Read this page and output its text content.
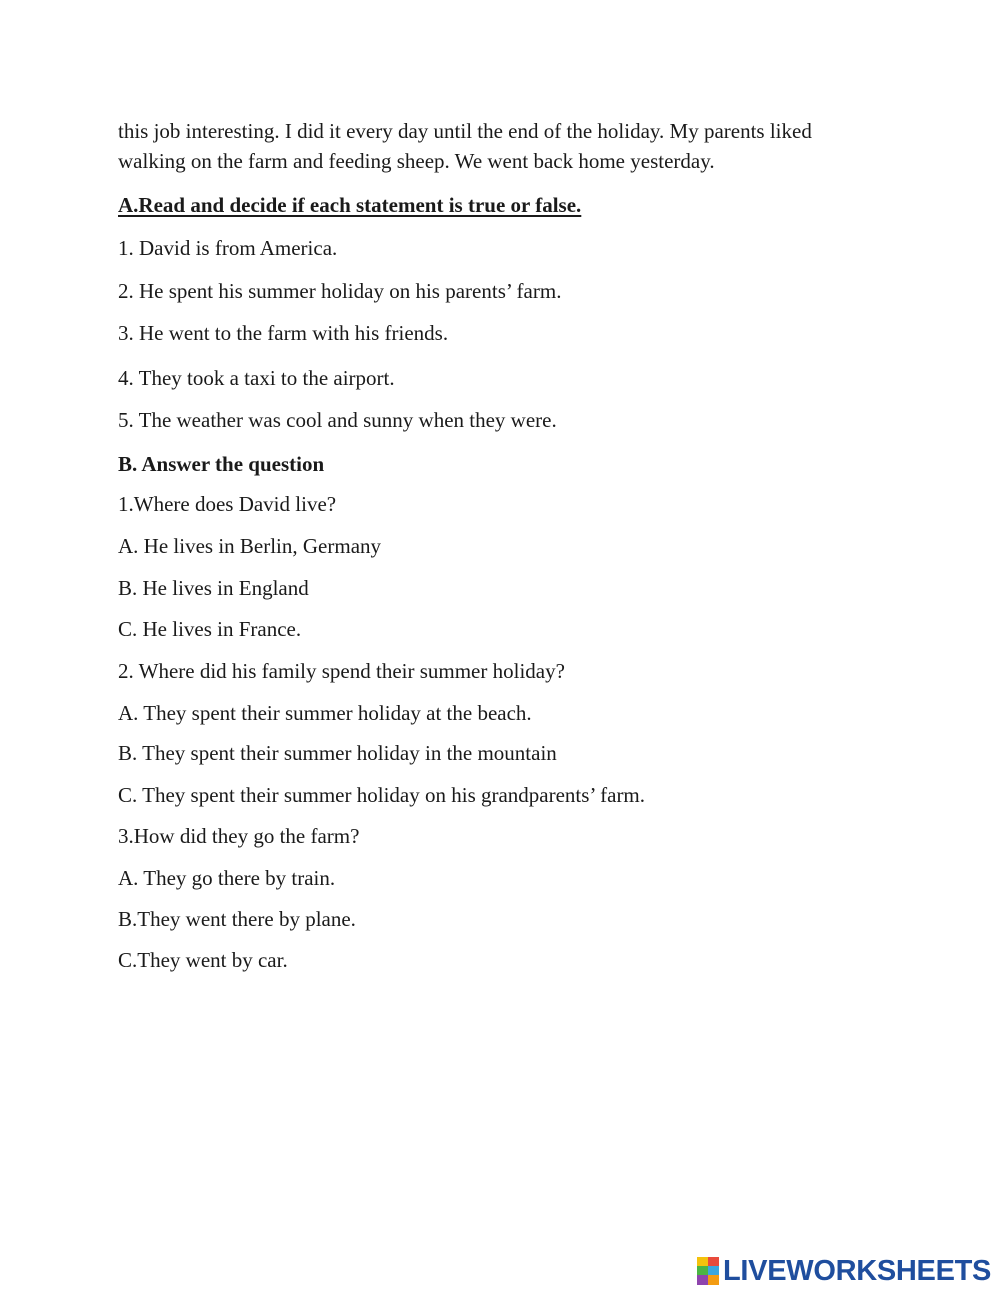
this job interesting. I did it every day until the end of the holiday. My parents liked
walking on the farm and feeding sheep. We went back home yesterday.
A.Read and decide if each statement is true or false.
1. David is from America.
2. He spent his summer holiday on his parents’ farm.
3. He went to the farm with his friends.
4. They took a taxi to the airport.
5. The weather was cool and sunny when they were.
B. Answer the question
1.Where does David live?
A. He lives in Berlin, Germany
B. He lives in England
C. He lives in France.
2. Where did his family spend their summer holiday?
A. They spent their summer holiday at the beach.
B. They spent their summer holiday in the mountain
C. They spent their summer holiday on his grandparents’ farm.
3.How did they go the farm?
A. They go there by train.
B.They went there by plane.
C.They went by car.
LIVEWORKSHEETS
